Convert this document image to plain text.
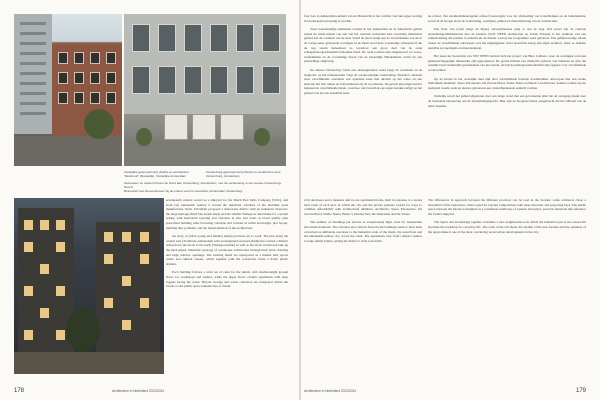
Oostelijke garenspinnerij (Stork) en werkhuizen 'Sluisbuurt' (Danswijk), Oostelijke Amsterdam
Oostenburg-garenspinnerij (Stork) en werkhuizen door Oostenburg, Amsterdam
Gebouwen en straten binnen de buurt aan Oostenburg, Amsterdam, met de verbouwing en de nieuwe Oostenburg-Noord.
Binnenhof met brievenbussen bij de entree van het woonblok, Amsterdam Oostenburg.

seventeenth century served as a shipyard for the Dutch East India Company (VOC), and from late nineteenth century it hosted the industrial activities of the maritime parts manufacturer Stork. Urbanism proposed a mixed-use district with an industrial character: the huge heritage-listed Van Gendt sheds and the smaller Werkspoor shed make for a spatial setting with horizontal layering and variation in size and scale. A broad quality plan prescribed building rules favouring variation and contrast in width and height, plot layout, building line, podiums, and the materialisation of the architecture.

An array of (often young and female) design practices set to work. The plot along the central axis (Trombone Amsterdam with an integrated recessed plinth) has created a distinct urban front; the block to the north (Werkspoorkade) as well as the block in between take up the hard-edged, industrial typology of warehouse architecture through their brick cladding and large window openings. The existing sheds are repurposed as a market hall, sports centre and cultural venues, which together with the courtyards create a lively public domain.

Each building follows a strict set of rules for the plinth, with double-height ground floors for workshops and studios, while the upper floors contain apartments with deep loggias facing the water. Bicycle storage and waste collection are integrated within the blocks so the public space remains free of clutter.

178	Architecture in Nederland 2023/2024

four bars in Amsterdam eenheid van de Maastricht in het comfort van hun eigen woning in Lindenpark bewaardig te worden.

Twee bouwkundige elementen worden in het Amsterdam en de Maastricht gebied tussen de beide kanten van een van het centrum verbonden met voormalig industrieel gebied aan de oostkant van de stad. Vanaf de jaren zestig aan de bouwblokken van de in de vorige eeuw gebouwde woningen in de buurt werd deze voormalige scheepswerf die nu nog steeds herkenbaar is, waardoor een groot deel van de oude scheepsbouwgeschiedenis behouden bleef. De oude loodsen zijn omgebouwd tot woon-werkruimten en de voormalige haven van de Oostelijke Handelskade vormt nu een parkachtige omgeving.

De nieuwe bebouwing vormt een aaneengesloten wand langs de waterkant en de laagbouw op het binnenterrein volgt de oorspronkelijke verkaveling. Daardoor ontstaan twee verschillende werelden: een openbare kade met uitzicht op het water en een besloten hof met tuinen en brievenbussen bij de voordeuren. De gevels zijn uitgevoerd in baksteen in verschillende tinten, waardoor elk bouwblok een eigen karakter krijgt en het geheel toch als een ensemble leest.

na school. Ten kwaliteitsmaatregelen schreef bouwregels voor de afwisseling van bouwblokken en de buitenruimte, zowel in de hoogte als in de verkaveling, rooilijnen, plinten en materialisering van de architectuur.

Een fleur van (vaak jonge en hippe) ontwerpbureaus ging er aan de slag. Een kavel aan de centrale Oostenburgermiddenstraat met de kazerne (SNT NEEN Architecten en Urban Echoes) is het resultaat van een samenwerking die primair voortkomt uit de manier waarop het programma werd gebouwd. Een gelijkwaardige relatie tussen de verschillende ontwerpers was het uitgangspunt: ieder bouwblok kreeg zijn eigen architect, maar ze deelden dezelfde set spelregels en materiaalpalet.

Het naast het bouwblok van SNT NEEN bevindt zich het project van Buro Lubbers, waar de woningen rond een gemeenschappelijke binnentuin zijn gegroepeerd. De gevels hebben een ritmische opbouw van baksteen en glas die aansluit bij de industriële geschiedenis van het terrein, terwijl de plattegronden flexibel zijn opgezet voor verschillende woonvormen.

Op de kavels in het oostelijke deel zijn door verschillende bureaus woonblokken ontworpen met een sterke individuele identiteit: Space Encounters, De Zwarte Hond, Studio Nauta en Heren 5 Architecten. Samen vormen zij een stadsdeel waarin oude en nieuwe gebouwen een vanzelfsprekende eenheid vormen.

Zuidelijk wordt het gebied afgesloten door een lange wand met een gevarieerde plint die de overgang maakt naar de bestaande bebouwing aan de Oostenburgergracht. Hier zijn de hoogteaccenten aangebracht die het silhouet van de buurt bepalen.

civil developer and a business unit in one apartment blocks, built in response to a recent land value of each plot, in which the city and the private partners looked for ways to combine affordability with architectural ambition. Architects: Space Encounters, De Zwarte Hond, Studio Nauta, Heren 5, Donner Dev, De Onnersma and De Vrieze.

The number of dwellings per hectare is exceptionally high, even for Amsterdam new-build standards. The variation and contrast found in the buildings seem to have been conceived as deliberate reactions to the industrial scale of the sheds, the waterfront and the nineteenth-century city across the canal. The apartments vary from compact studios to large family homes, giving the district a wide social mix.

The differences in approach between the different practices can be read in the facades: some architects chose a monolithic brick expression, others opted for layered compositions with deep balconies and projecting bays. The public space between the blocks is designed as a continuous landscape of squares and quays, paved in materials that reference the former shipyard.

The Space and Oostenburg together constitute a new neighbourhood in which the industrial past is not erased but becomes the backdrop for everyday life. The scale of the old sheds, the rhythm of the new facades and the openness of the quays make it one of the most convincing recent urban developments in the city.

Architecture in Nederland 2023/2024	179
